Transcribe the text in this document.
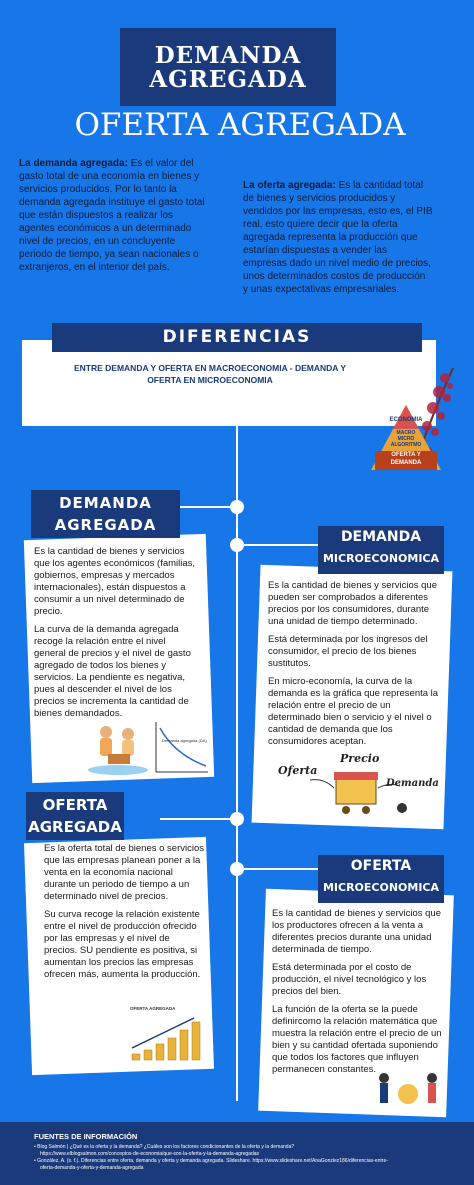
DEMANDA
AGREGADA
OFERTA AGREGADA
La demanda agregada: Es el valor del gasto total de una economía en bienes y servicios producidos. Por lo tanto la demanda agregada instituye el gasto total que están dispuestos a realizar los agentes económicos a un determinado nivel de precios, en un concluyente periodo de tiempo, ya sean nacionales o extranjeros, en el interior del país.
La oferta agregada: Es la cantidad total de bienes y servicios producidos y vendidos por las empresas, esto es, el PIB real, esto quiere decir que la oferta agregada representa la producción que estarían dispuestas a vender las empresas dado un nivel medio de precios, unos determinados costos de producción y unas expectativas empresariales.
DIFERENCIAS
ENTRE DEMANDA Y OFERTA EN MACROECONOMIA - DEMANDA Y OFERTA EN MICROECONOMIA
ECONOMIA
MACRO
MICRO
ALGORITMO
OFERTA Y
DEMANDA
DEMANDA
AGREGADA

Es la cantidad de bienes y servicios que los agentes económicos (familias, gobiernos, empresas y mercados internacionales), están dispuestos a consumir a un nivel determinado de precio.

La curva de la demanda agregada recoge la relación entre el nivel general de precios y el nivel de gasto agregado de todos los bienes y servicios. La pendiente es negativa, pues al descender el nivel de los precios se incrementa la cantidad de bienes demandados.

Demanda agregada (DA)
DEMANDA
MICROECONOMICA

Es la cantidad de bienes y servicios que pueden ser comprobados a diferentes precios por los consumidores, durante una unidad de tiempo determinado.

Está determinada por los ingresos del consumidor, el precio de los bienes sustitutos.

En micro-economía, la curva de la demanda es la gráfica que representa la relación entre el precio de un determinado bien o servicio y el nivel o cantidad de demanda que los consumidores aceptan.

Oferta
Precio
Demanda
OFERTA
AGREGADA

Es la oferta total de bienes o servicios que las empresas planean poner a la venta en la economía nacional durante un periodo de tiempo a un determinado nivel de precios.

Su curva recoge la relación existente entre el nivel de producción ofrecido por las empresas y el nivel de precios. SU pendiente es positiva, si aumentan los precios las empresas ofrecen más, aumenta la producción.

OFERTA AGREGADA
OFERTA
MICROECONOMICA

Es la cantidad de bienes y servicios que los productores ofrecen a la venta a diferentes precios durante una unidad determinada de tiempo.

Está determinada por el costo de producción, el nivel tecnológico y los precios del bien.

La función de la oferta se la puede definircomo la relación matemática que muestra la relación entre el precio de un bien y su cantidad ofertada suponiendo que todos los factores que influyen permanecen constantes.

FUENTES DE INFORMACIÓN
• Blog Salmón | ¿Qué es la oferta y la demanda? ¿Cuáles son los factores condicionantes de la oferta y la demanda?
https://www.elblogsalmon.com/conceptos-de-economia/que-son-la-oferta-y-la-demanda-agregadas
• González, A. (s. f.). Diferencias entre oferta, demanda y oferta y demanda agregada. Slideshare. https://www.slideshare.net/AnaGonzlez186/diferencias-entre-
oferta-demanda-y-oferta-y-demanda-agregada
